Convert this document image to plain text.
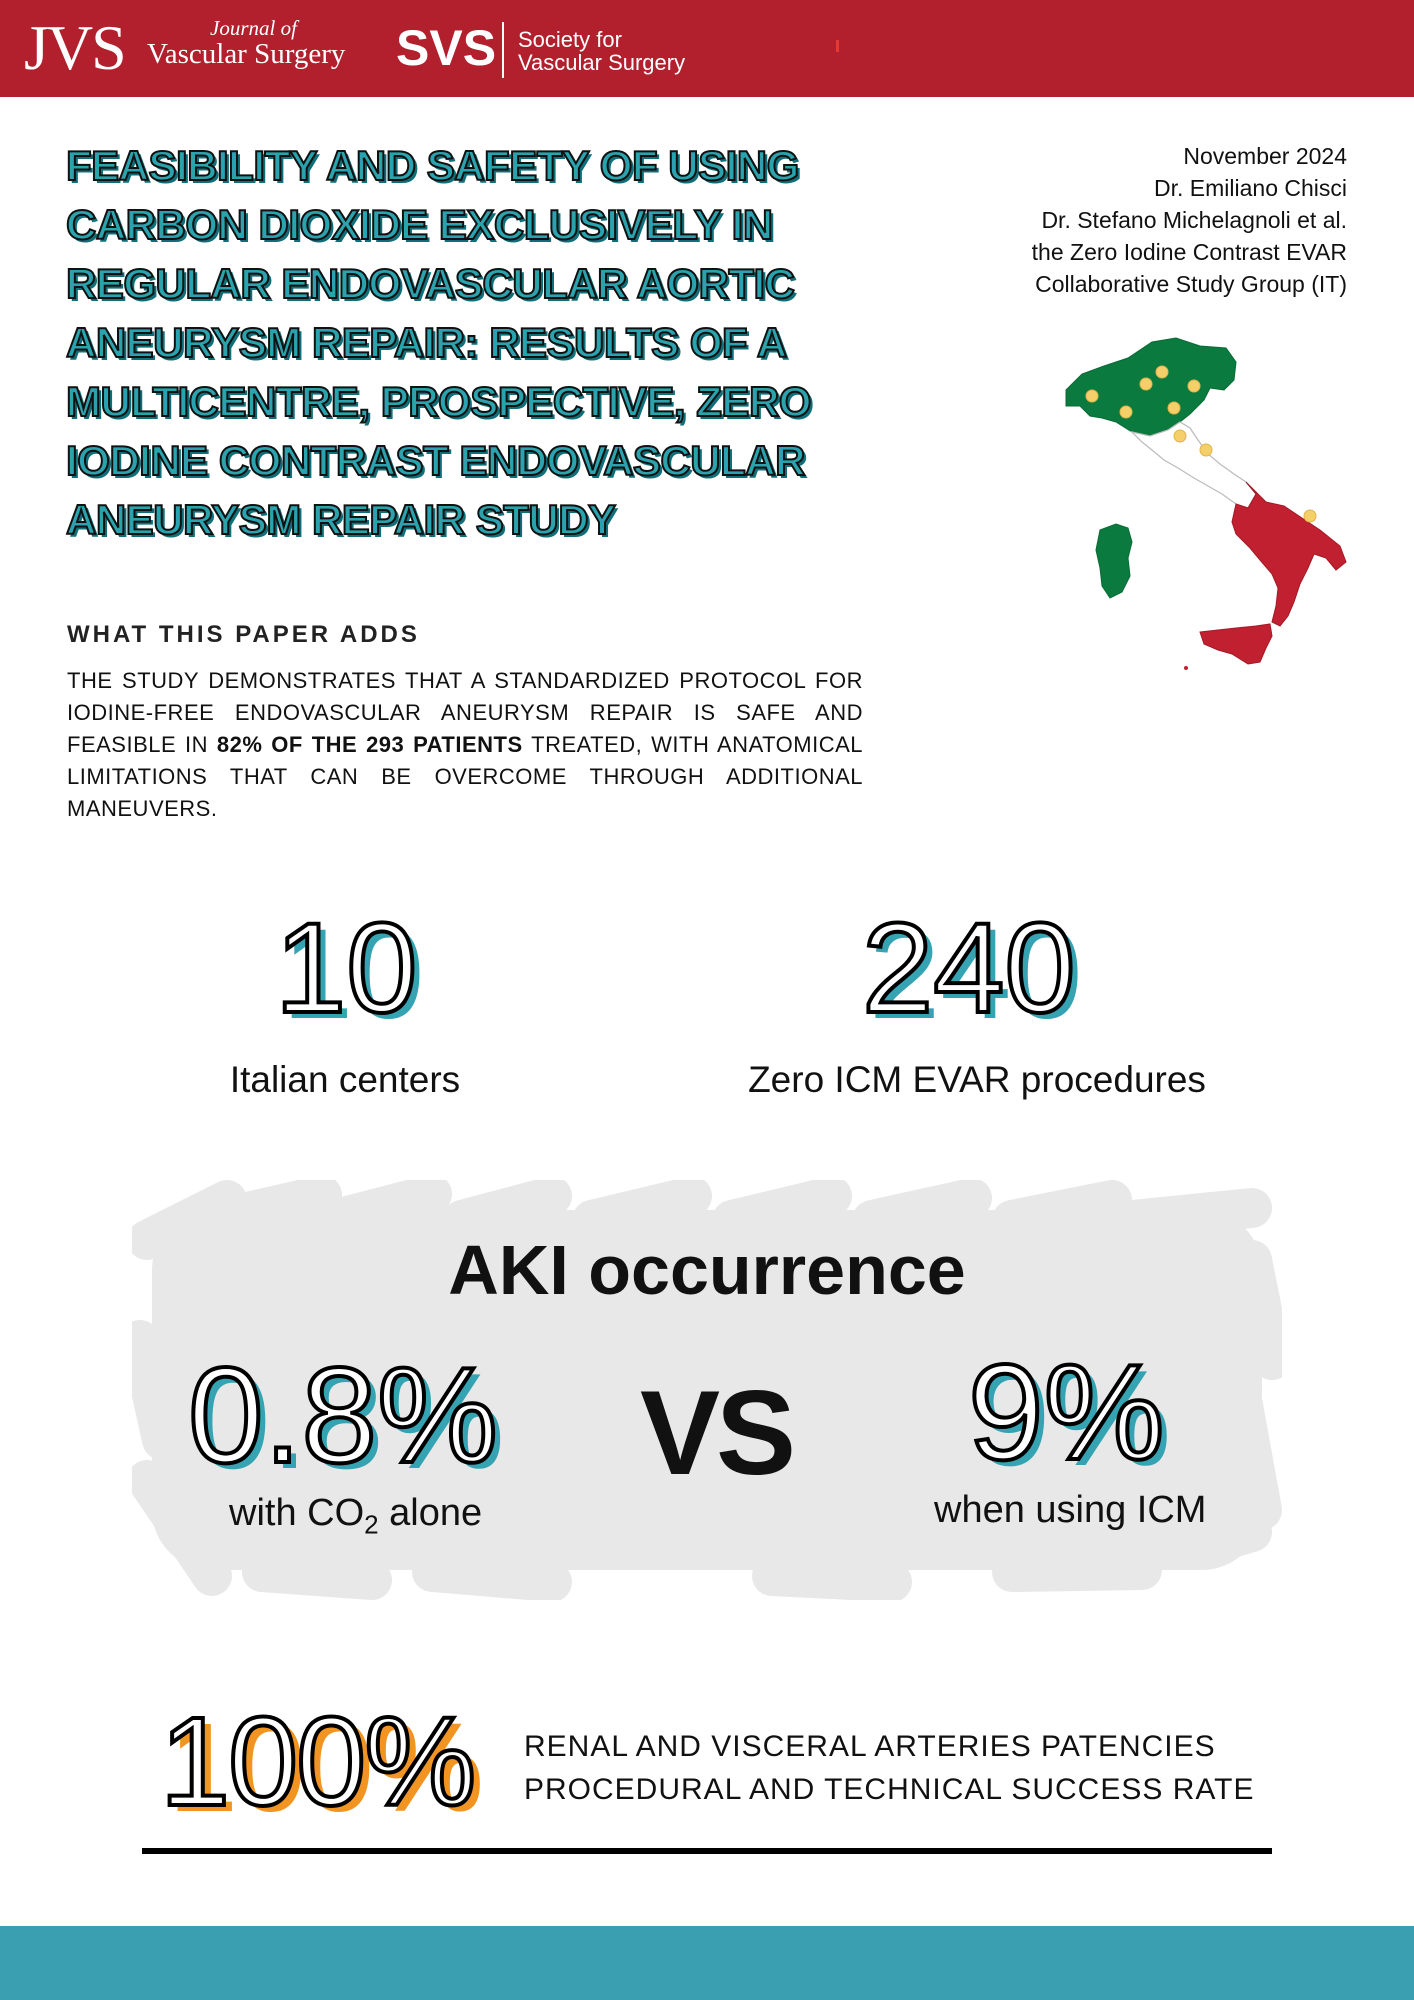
JVS	Journal of
Vascular Surgery SVS Society for
Vascular Surgery
FEASIBILITY AND SAFETY OF USING CARBON DIOXIDE EXCLUSIVELY IN REGULAR ENDOVASCULAR AORTIC ANEURYSM REPAIR: RESULTS OF A MULTICENTRE, PROSPECTIVE, ZERO IODINE CONTRAST ENDOVASCULAR ANEURYSM REPAIR STUDY
November 2024
Dr. Emiliano Chisci
Dr. Stefano Michelagnoli et al.
the Zero Iodine Contrast EVAR
Collaborative Study Group (IT)
WHAT THIS PAPER ADDS
THE STUDY DEMONSTRATES THAT A STANDARDIZED PROTOCOL FOR IODINE-FREE ENDOVASCULAR ANEURYSM REPAIR IS SAFE AND FEASIBLE IN 82% OF THE 293 PATIENTS TREATED, WITH ANATOMICAL LIMITATIONS THAT CAN BE OVERCOME THROUGH ADDITIONAL MANEUVERS.
10
Italian centers
240
Zero ICM EVAR procedures
AKI occurrence
0.8%
with $CO_2$ alone
VS 9%
when using ICM
100% RENAL AND VISCERAL ARTERIES PATENCIES
PROCEDURAL AND TECHNICAL SUCCESS RATE
